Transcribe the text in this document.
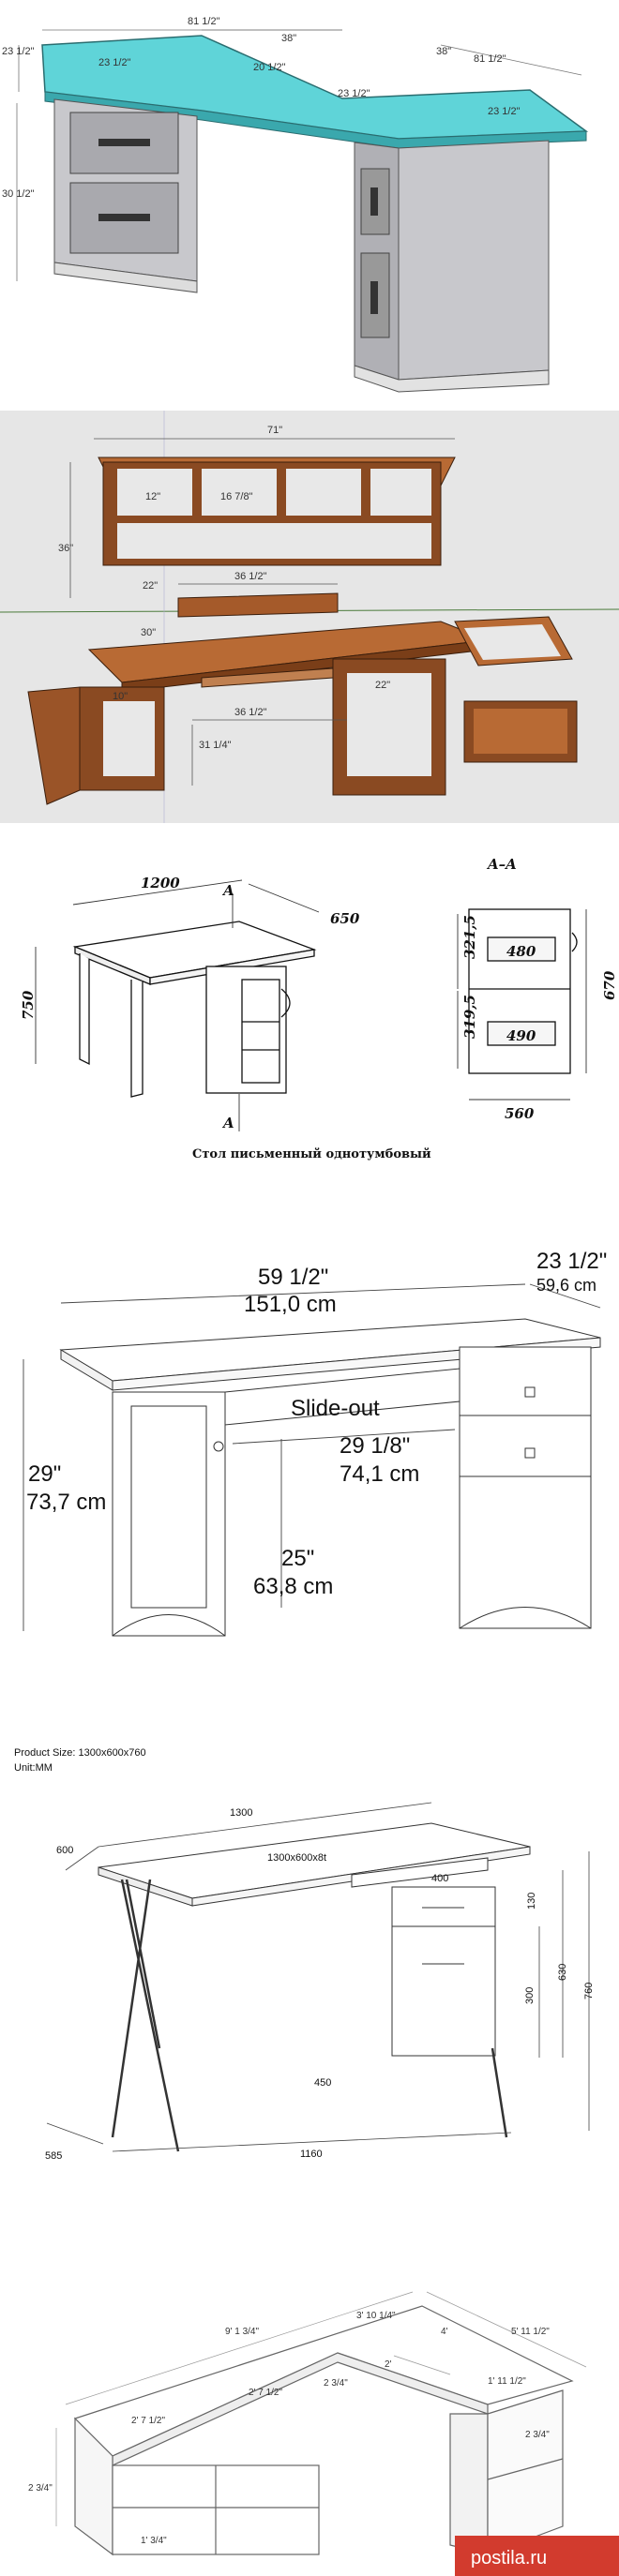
81 1/2"
23 1/2"
23 1/2"
38"
38"
81 1/2"
20 1/2"
23 1/2"
23 1/2"
30 1/2"
71"
12"	16 7/8"
36"
22"
36 1/2"
30"
10"
36 1/2"
22"
31 1/4"
1200
650
750
A
A
A–A
480
490
321,5
319,5
670
560
Стол письменный однотумбовый
59 1/2"
151,0 cm
23 1/2"
59,6 cm
29"
73,7 cm
Slide-out
29 1/8"
74,1 cm
25"
63,8 cm
Product Size: 1300x600x760
Unit:MM
1300
600
1300x600x8t
400
130
630
760
300
450
585	1160
9' 1 3/4"
3' 10 1/4"
4'	5' 11 1/2"
2' 7 1/2"
2' 7 1/2"
2 3/4"
2 3/4"	1' 11 1/2"
2'
2 3/4"
1' 3/4"
postila.ru
